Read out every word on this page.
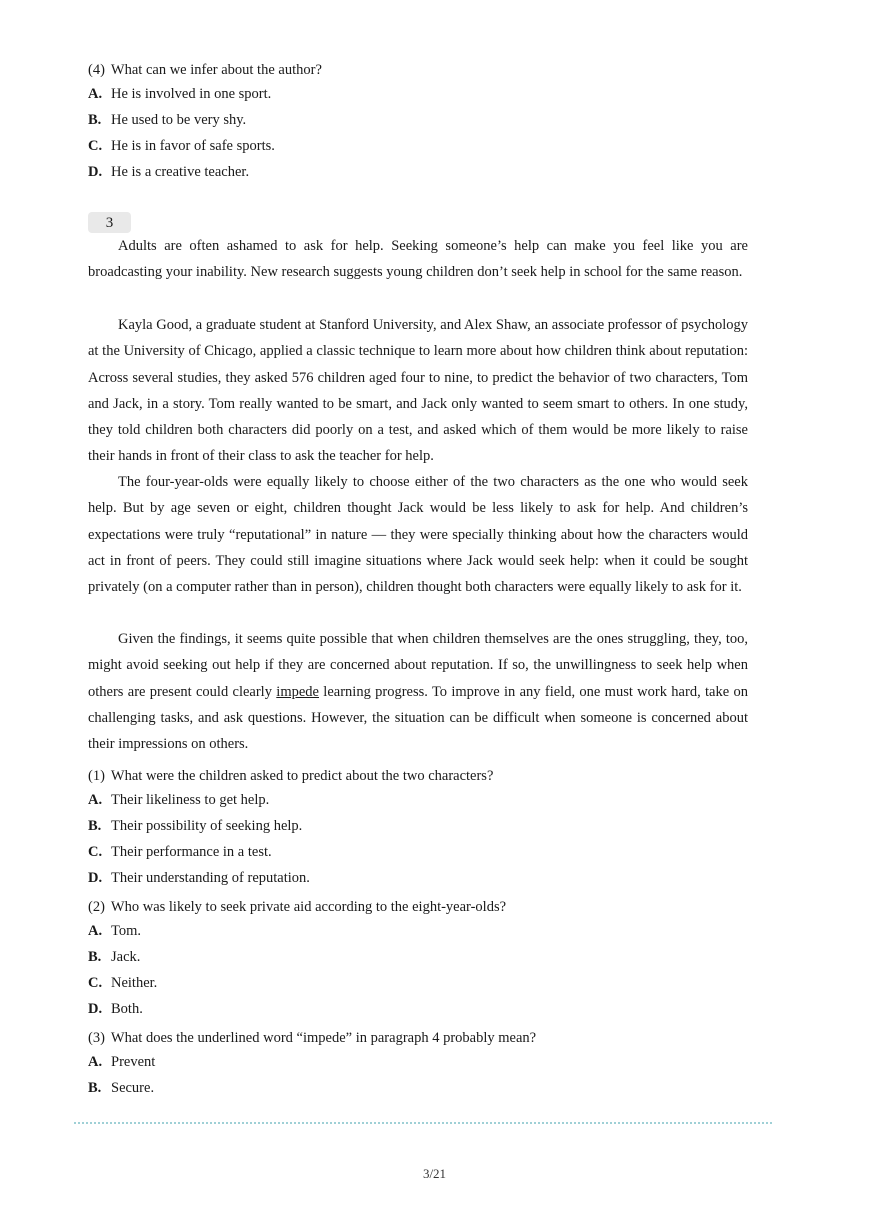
(4) What can we infer about the author?
A. He is involved in one sport.
B. He used to be very shy.
C. He is in favor of safe sports.
D. He is a creative teacher.
3

Adults are often ashamed to ask for help. Seeking someone’s help can make you feel like you are broadcasting your inability. New research suggests young children don’t seek help in school for the same reason.

Kayla Good, a graduate student at Stanford University, and Alex Shaw, an associate professor of psychology at the University of Chicago, applied a classic technique to learn more about how children think about reputation: Across several studies, they asked 576 children aged four to nine, to predict the behavior of two characters, Tom and Jack, in a story. Tom really wanted to be smart, and Jack only wanted to seem smart to others. In one study, they told children both characters did poorly on a test, and asked which of them would be more likely to raise their hands in front of their class to ask the teacher for help.

The four-year-olds were equally likely to choose either of the two characters as the one who would seek help. But by age seven or eight, children thought Jack would be less likely to ask for help. And children’s expectations were truly “reputational” in nature — they were specially thinking about how the characters would act in front of peers. They could still imagine situations where Jack would seek help: when it could be sought privately (on a computer rather than in person), children thought both characters were equally likely to ask for it.

Given the findings, it seems quite possible that when children themselves are the ones struggling, they, too, might avoid seeking out help if they are concerned about reputation. If so, the unwillingness to seek help when others are present could clearly impede learning progress. To improve in any field, one must work hard, take on challenging tasks, and ask questions. However, the situation can be difficult when someone is concerned about their impressions on others.

(1) What were the children asked to predict about the two characters?
A. Their likeliness to get help.
B. Their possibility of seeking help.
C. Their performance in a test.
D. Their understanding of reputation.
(2) Who was likely to seek private aid according to the eight-year-olds?
A. Tom.
B. Jack.
C. Neither.
D. Both.
(3) What does the underlined word “impede” in paragraph 4 probably mean?
A. Prevent
B. Secure.
3/21
